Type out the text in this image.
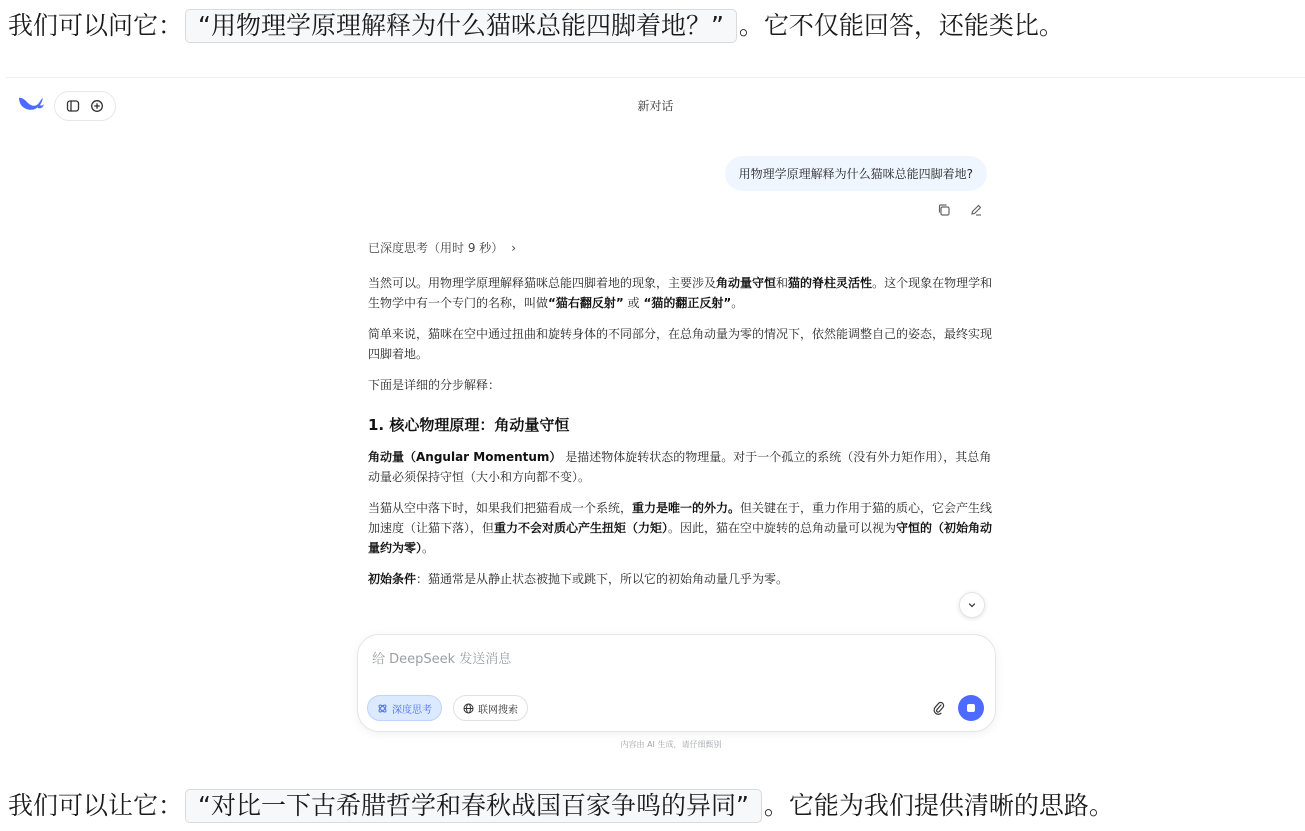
我们可以问它： “用物理学原理解释为什么猫咪总能四脚着地？” 。它不仅能回答，还能类比。
新对话
用物理学原理解释为什么猫咪总能四脚着地?
已深度思考（用时 9 秒） ›

当然可以。用物理学原理解释猫咪总能四脚着地的现象，主要涉及角动量守恒和猫的脊柱灵活性。这个现象在物理学和生物学中有一个专门的名称，叫做“猫右翻反射” 或 “猫的翻正反射”。

简单来说，猫咪在空中通过扭曲和旋转身体的不同部分，在总角动量为零的情况下，依然能调整自己的姿态，最终实现四脚着地。

下面是详细的分步解释：

1. 核心物理原理：角动量守恒

角动量（Angular Momentum） 是描述物体旋转状态的物理量。对于一个孤立的系统（没有外力矩作用），其总角动量必须保持守恒（大小和方向都不变）。

当猫从空中落下时，如果我们把猫看成一个系统，重力是唯一的外力。但关键在于，重力作用于猫的质心，它会产生线加速度（让猫下落），但重力不会对质心产生扭矩（力矩）。因此，猫在空中旋转的总角动量可以视为守恒的（初始角动量约为零）。

初始条件：猫通常是从静止状态被抛下或跳下，所以它的初始角动量几乎为零。

给 DeepSeek 发送消息
深度思考	联网搜索
内容由 AI 生成，请仔细甄别
我们可以让它： “对比一下古希腊哲学和春秋战国百家争鸣的异同” 。它能为我们提供清晰的思路。
